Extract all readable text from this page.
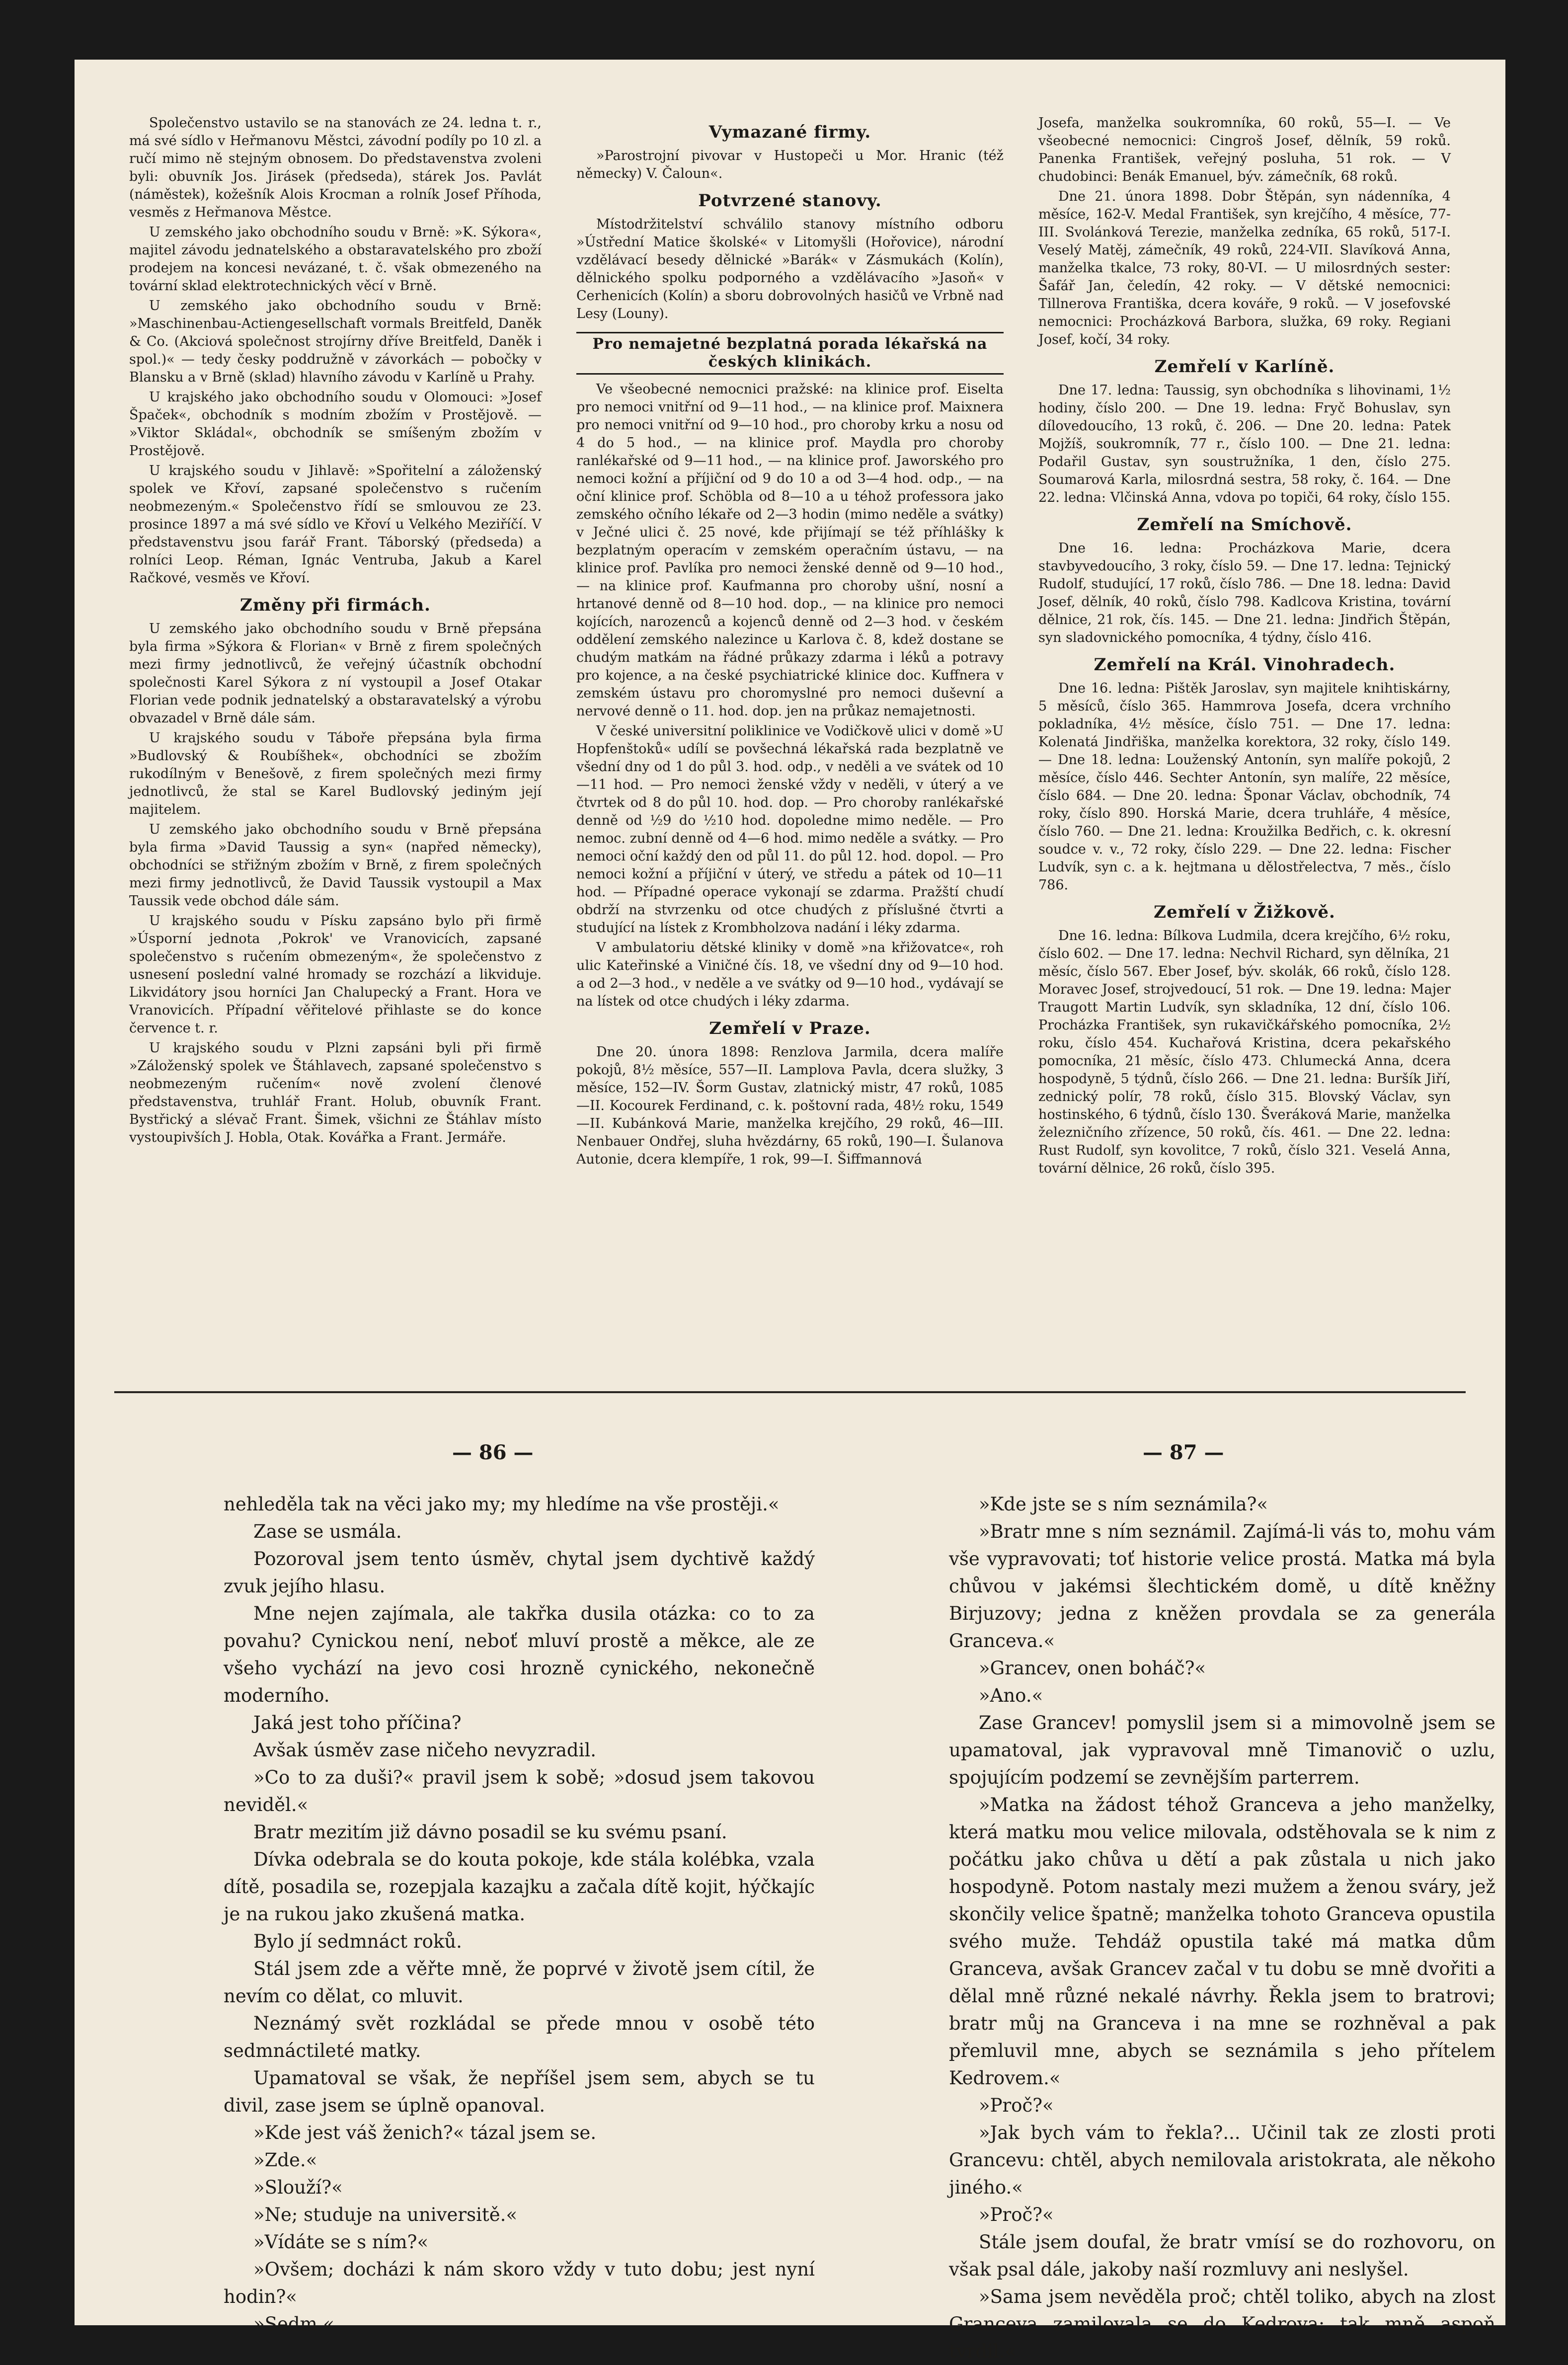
Společenstvo ustavilo se na stanovách ze 24. ledna t. r., má své sídlo v Heřmanovu Městci, závodní podíly po 10 zl. a ručí mimo ně stejným obnosem. Do představenstva zvoleni byli: obuvník Jos. Jirásek (předseda), stárek Jos. Pavlát (náměstek), kožešník Alois Krocman a rolník Josef Příhoda, vesměs z Heřmanova Městce.

U zemského jako obchodního soudu v Brně: »K. Sýkora«, majitel závodu jednatelského a obstaravatelského pro zboží prodejem na koncesi nevázané, t. č. však obmezeného na tovární sklad elektrotechnických věcí v Brně.

U zemského jako obchodního soudu v Brně: »Maschinenbau-Actiengesellschaft vormals Breitfeld, Daněk & Co. (Akciová společnost strojírny dříve Breitfeld, Daněk i spol.)« — tedy česky poddružně v závorkách — pobočky v Blansku a v Brně (sklad) hlavního závodu v Karlíně u Prahy.

U krajského jako obchodního soudu v Olomouci: »Josef Špaček«, obchodník s modním zbožím v Prostějově. — »Viktor Skládal«, obchodník se smíšeným zbožím v Prostějově.

U krajského soudu v Jihlavě: »Spořitelní a záloženský spolek ve Křoví, zapsané společenstvo s ručením neobmezeným.« Společenstvo řídí se smlouvou ze 23. prosince 1897 a má své sídlo ve Křoví u Velkého Meziříčí. V představenstvu jsou farář Frant. Táborský (předseda) a rolníci Leop. Réman, Ignác Ventruba, Jakub a Karel Račkové, vesměs ve Křoví.

Změny při firmách.

U zemského jako obchodního soudu v Brně přepsána byla firma »Sýkora & Florian« v Brně z firem společných mezi firmy jednotlivců, že veřejný účastník obchodní společnosti Karel Sýkora z ní vystoupil a Josef Otakar Florian vede podnik jednatelský a obstaravatelský a výrobu obvazadel v Brně dále sám.

U krajského soudu v Táboře přepsána byla firma »Budlovský & Roubíšhek«, obchodníci se zbožím rukodílným v Benešově, z firem společných mezi firmy jednotlivců, že stal se Karel Budlovský jediným její majitelem.

U zemského jako obchodního soudu v Brně přepsána byla firma »David Taussig a syn« (napřed německy), obchodníci se střižným zbožím v Brně, z firem společných mezi firmy jednotlivců, že David Taussik vystoupil a Max Taussik vede obchod dále sám.

U krajského soudu v Písku zapsáno bylo při firmě »Úsporní jednota ,Pokrok' ve Vranovicích, zapsané společenstvo s ručením obmezeným«, že společenstvo z usnesení poslední valné hromady se rozchází a likviduje. Likvidátory jsou horníci Jan Chalupecký a Frant. Hora ve Vranovicích. Případní věřitelové přihlaste se do konce července t. r.

U krajského soudu v Plzni zapsáni byli při firmě »Záloženský spolek ve Štáhlavech, zapsané společenstvo s neobmezeným ručením« nově zvolení členové představenstva, truhlář Frant. Holub, obuvník Frant. Bystřický a slévač Frant. Šimek, všichni ze Štáhlav místo vystoupivších J. Hobla, Otak. Kovářka a Frant. Jermáře.

Vymazané firmy.

»Parostrojní pivovar v Hustopeči u Mor. Hranic (též německy) V. Čaloun«.

Potvrzené stanovy.

Místodržitelství schválilo stanovy místního odboru »Ústřední Matice školské« v Litomyšli (Hořovice), národní vzdělávací besedy dělnické »Barák« v Zásmukách (Kolín), dělnického spolku podporného a vzdělávacího »Jasoň« v Cerhenicích (Kolín) a sboru dobrovolných hasičů ve Vrbně nad Lesy (Louny).

Pro nemajetné bezplatná porada lékařská na českých klinikách.

Ve všeobecné nemocnici pražské: na klinice prof. Eiselta pro nemoci vnitřní od 9—11 hod., — na klinice prof. Maixnera pro nemoci vnitřní od 9—10 hod., pro choroby krku a nosu od 4 do 5 hod., — na klinice prof. Maydla pro choroby ranlékařské od 9—11 hod., — na klinice prof. Jaworského pro nemoci kožní a příjiční od 9 do 10 a od 3—4 hod. odp., — na oční klinice prof. Schöbla od 8—10 a u téhož professora jako zemského očního lékaře od 2—3 hodin (mimo neděle a svátky) v Ječné ulici č. 25 nové, kde přijímají se též příhlášky k bezplatným operacím v zemském operačním ústavu, — na klinice prof. Pavlíka pro nemoci ženské denně od 9—10 hod., — na klinice prof. Kaufmanna pro choroby ušní, nosní a hrtanové denně od 8—10 hod. dop., — na klinice pro nemoci kojících, narozenců a kojenců denně od 2—3 hod. v českém oddělení zemského nalezince u Karlova č. 8, kdež dostane se chudým matkám na řádné průkazy zdarma i léků a potravy pro kojence, a na české psychiatrické klinice doc. Kuffnera v zemském ústavu pro choromyslné pro nemoci duševní a nervové denně o 11. hod. dop. jen na průkaz nemajetnosti.

V české universitní poliklinice ve Vodičkově ulici v domě »U Hopfenštoků« udílí se povšechná lékařská rada bezplatně ve všední dny od 1 do půl 3. hod. odp., v neděli a ve svátek od 10—11 hod. — Pro nemoci ženské vždy v neděli, v úterý a ve čtvrtek od 8 do půl 10. hod. dop. — Pro choroby ranlékařské denně od ½9 do ½10 hod. dopoledne mimo neděle. — Pro nemoc. zubní denně od 4—6 hod. mimo neděle a svátky. — Pro nemoci oční každý den od půl 11. do půl 12. hod. dopol. — Pro nemoci kožní a příjiční v úterý, ve středu a pátek od 10—11 hod. — Případné operace vykonají se zdarma. Pražští chudí obdrží na stvrzenku od otce chudých z příslušné čtvrti a studující na lístek z Krombholzova nadání i léky zdarma.

V ambulatoriu dětské kliniky v domě »na křižovatce«, roh ulic Kateřinské a Viničné čís. 18, ve všední dny od 9—10 hod. a od 2—3 hod., v neděle a ve svátky od 9—10 hod., vydávají se na lístek od otce chudých i léky zdarma.

Zemřelí v Praze.

Dne 20. února 1898: Renzlova Jarmila, dcera malíře pokojů, 8½ měsíce, 557—II. Lamplova Pavla, dcera služky, 3 měsíce, 152—IV. Šorm Gustav, zlatnický mistr, 47 roků, 1085—II. Kocourek Ferdinand, c. k. poštovní rada, 48½ roku, 1549—II. Kubánková Marie, manželka krejčího, 29 roků, 46—III. Nenbauer Ondřej, sluha hvězdárny, 65 roků, 190—I. Šulanova Autonie, dcera klempíře, 1 rok, 99—I. Šiffmannová

Josefa, manželka soukromníka, 60 roků, 55—I. — Ve všeobecné nemocnici: Cingroš Josef, dělník, 59 roků. Panenka František, veřejný posluha, 51 rok. — V chudobinci: Benák Emanuel, býv. zámečník, 68 roků.

Dne 21. února 1898. Dobr Štěpán, syn nádenníka, 4 měsíce, 162-V. Medal František, syn krejčího, 4 měsíce, 77-III. Svolánková Terezie, manželka zedníka, 65 roků, 517-I. Veselý Matěj, zámečník, 49 roků, 224-VII. Slavíková Anna, manželka tkalce, 73 roky, 80-VI. — U milosrdných sester: Šafář Jan, čeledín, 42 roky. — V dětské nemocnici: Tillnerova Františka, dcera kováře, 9 roků. — V josefovské nemocnici: Procházková Barbora, služka, 69 roky. Regiani Josef, kočí, 34 roky.

Zemřelí v Karlíně.

Dne 17. ledna: Taussig, syn obchodníka s lihovinami, 1½ hodiny, číslo 200. — Dne 19. ledna: Fryč Bohuslav, syn dílovedoucího, 13 roků, č. 206. — Dne 20. ledna: Patek Mojžíš, soukromník, 77 r., číslo 100. — Dne 21. ledna: Podařil Gustav, syn soustružníka, 1 den, číslo 275. Soumarová Karla, milosrdná sestra, 58 roky, č. 164. — Dne 22. ledna: Vlčinská Anna, vdova po topiči, 64 roky, číslo 155.

Zemřelí na Smíchově.

Dne 16. ledna: Procházkova Marie, dcera stavbyvedoucího, 3 roky, číslo 59. — Dne 17. ledna: Tejnický Rudolf, studující, 17 roků, číslo 786. — Dne 18. ledna: David Josef, dělník, 40 roků, číslo 798. Kadlcova Kristina, tovární dělnice, 21 rok, čís. 145. — Dne 21. ledna: Jindřich Štěpán, syn sladovnického pomocníka, 4 týdny, číslo 416.

Zemřelí na Král. Vinohradech.

Dne 16. ledna: Pištěk Jaroslav, syn majitele knihtiskárny, 5 měsíců, číslo 365. Hammrova Josefa, dcera vrchního pokladníka, 4½ měsíce, číslo 751. — Dne 17. ledna: Kolenatá Jindřiška, manželka korektora, 32 roky, číslo 149. — Dne 18. ledna: Louženský Antonín, syn malíře pokojů, 2 měsíce, číslo 446. Sechter Antonín, syn malíře, 22 měsíce, číslo 684. — Dne 20. ledna: Šponar Václav, obchodník, 74 roky, číslo 890. Horská Marie, dcera truhláře, 4 měsíce, číslo 760. — Dne 21. ledna: Kroužilka Bedřich, c. k. okresní soudce v. v., 72 roky, číslo 229. — Dne 22. ledna: Fischer Ludvík, syn c. a k. hejtmana u dělostřelectva, 7 měs., číslo 786.

Zemřelí v Žižkově.

Dne 16. ledna: Bílkova Ludmila, dcera krejčího, 6½ roku, číslo 602. — Dne 17. ledna: Nechvil Richard, syn dělníka, 21 měsíc, číslo 567. Eber Josef, býv. skolák, 66 roků, číslo 128. Moravec Josef, strojvedoucí, 51 rok. — Dne 19. ledna: Majer Traugott Martin Ludvík, syn skladníka, 12 dní, číslo 106. Procházka František, syn rukavičkářského pomocníka, 2½ roku, číslo 454. Kuchařová Kristina, dcera pekařského pomocníka, 21 měsíc, číslo 473. Chlumecká Anna, dcera hospodyně, 5 týdnů, číslo 266. — Dne 21. ledna: Buršík Jiří, zednický polír, 78 roků, číslo 315. Blovský Václav, syn hostinského, 6 týdnů, číslo 130. Šveráková Marie, manželka železničního zřízence, 50 roků, čís. 461. — Dne 22. ledna: Rust Rudolf, syn kovolitce, 7 roků, číslo 321. Veselá Anna, tovární dělnice, 26 roků, číslo 395.

— 86 —	— 87 —

nehleděla tak na věci jako my; my hledíme na vše prostěji.«

Zase se usmála.

Pozoroval jsem tento úsměv, chytal jsem dychtivě každý zvuk jejího hlasu.

Mne nejen zajímala, ale takřka dusila otázka: co to za povahu? Cynickou není, neboť mluví prostě a měkce, ale ze všeho vychází na jevo cosi hrozně cynického, nekonečně moderního.

Jaká jest toho příčina?

Avšak úsměv zase ničeho nevyzradil.

»Co to za duši?« pravil jsem k sobě; »dosud jsem takovou neviděl.«

Bratr mezitím již dávno posadil se ku svému psaní.

Dívka odebrala se do kouta pokoje, kde stála kolébka, vzala dítě, posadila se, rozepjala kazajku a začala dítě kojit, hýčkajíc je na rukou jako zkušená matka.

Bylo jí sedmnáct roků.

Stál jsem zde a věřte mně, že poprvé v životě jsem cítil, že nevím co dělat, co mluvit.

Neznámý svět rozkládal se přede mnou v osobě této sedmnáctileté matky.

Upamatoval se však, že nepříšel jsem sem, abych se tu divil, zase jsem se úplně opanoval.

»Kde jest váš ženich?« tázal jsem se.

»Zde.«

»Slouží?«

»Ne; studuje na universitě.«

»Vídáte se s ním?«

»Ovšem; docházi k nám skoro vždy v tuto dobu; jest nyní hodin?«

»Sedm.«

»Kde jste se s ním seznámila?«

»Bratr mne s ním seznámil. Zajímá-li vás to, mohu vám vše vypravovati; toť historie velice prostá. Matka má byla chůvou v jakémsi šlechtickém domě, u dítě kněžny Birjuzovy; jedna z kněžen provdala se za generála Granceva.«

»Grancev, onen boháč?«

»Ano.«

Zase Grancev! pomyslil jsem si a mimovolně jsem se upamatoval, jak vypravoval mně Timanovič o uzlu, spojujícím podzemí se zevnějším parterrem.

»Matka na žádost téhož Granceva a jeho manželky, která matku mou velice milovala, odstěhovala se k nim z počátku jako chůva u dětí a pak zůstala u nich jako hospodyně. Potom nastaly mezi mužem a ženou sváry, jež skončily velice špatně; manželka tohoto Granceva opustila svého muže. Tehdáž opustila také má matka dům Granceva, avšak Grancev začal v tu dobu se mně dvořiti a dělal mně různé nekalé návrhy. Řekla jsem to bratrovi; bratr můj na Granceva i na mne se rozhněval a pak přemluvil mne, abych se seznámila s jeho přítelem Kedrovem.«

»Proč?«

»Jak bych vám to řekla?... Učinil tak ze zlosti proti Grancevu: chtěl, abych nemilovala aristokrata, ale někoho jiného.«

»Proč?«

Stále jsem doufal, že bratr vmísí se do rozhovoru, on však psal dále, jakoby naší rozmluvy ani neslyšel.

»Sama jsem nevěděla proč; chtěl toliko, abych na zlost Granceva zamilovala se do Kedrova; tak mně aspoň tvrdil.«
